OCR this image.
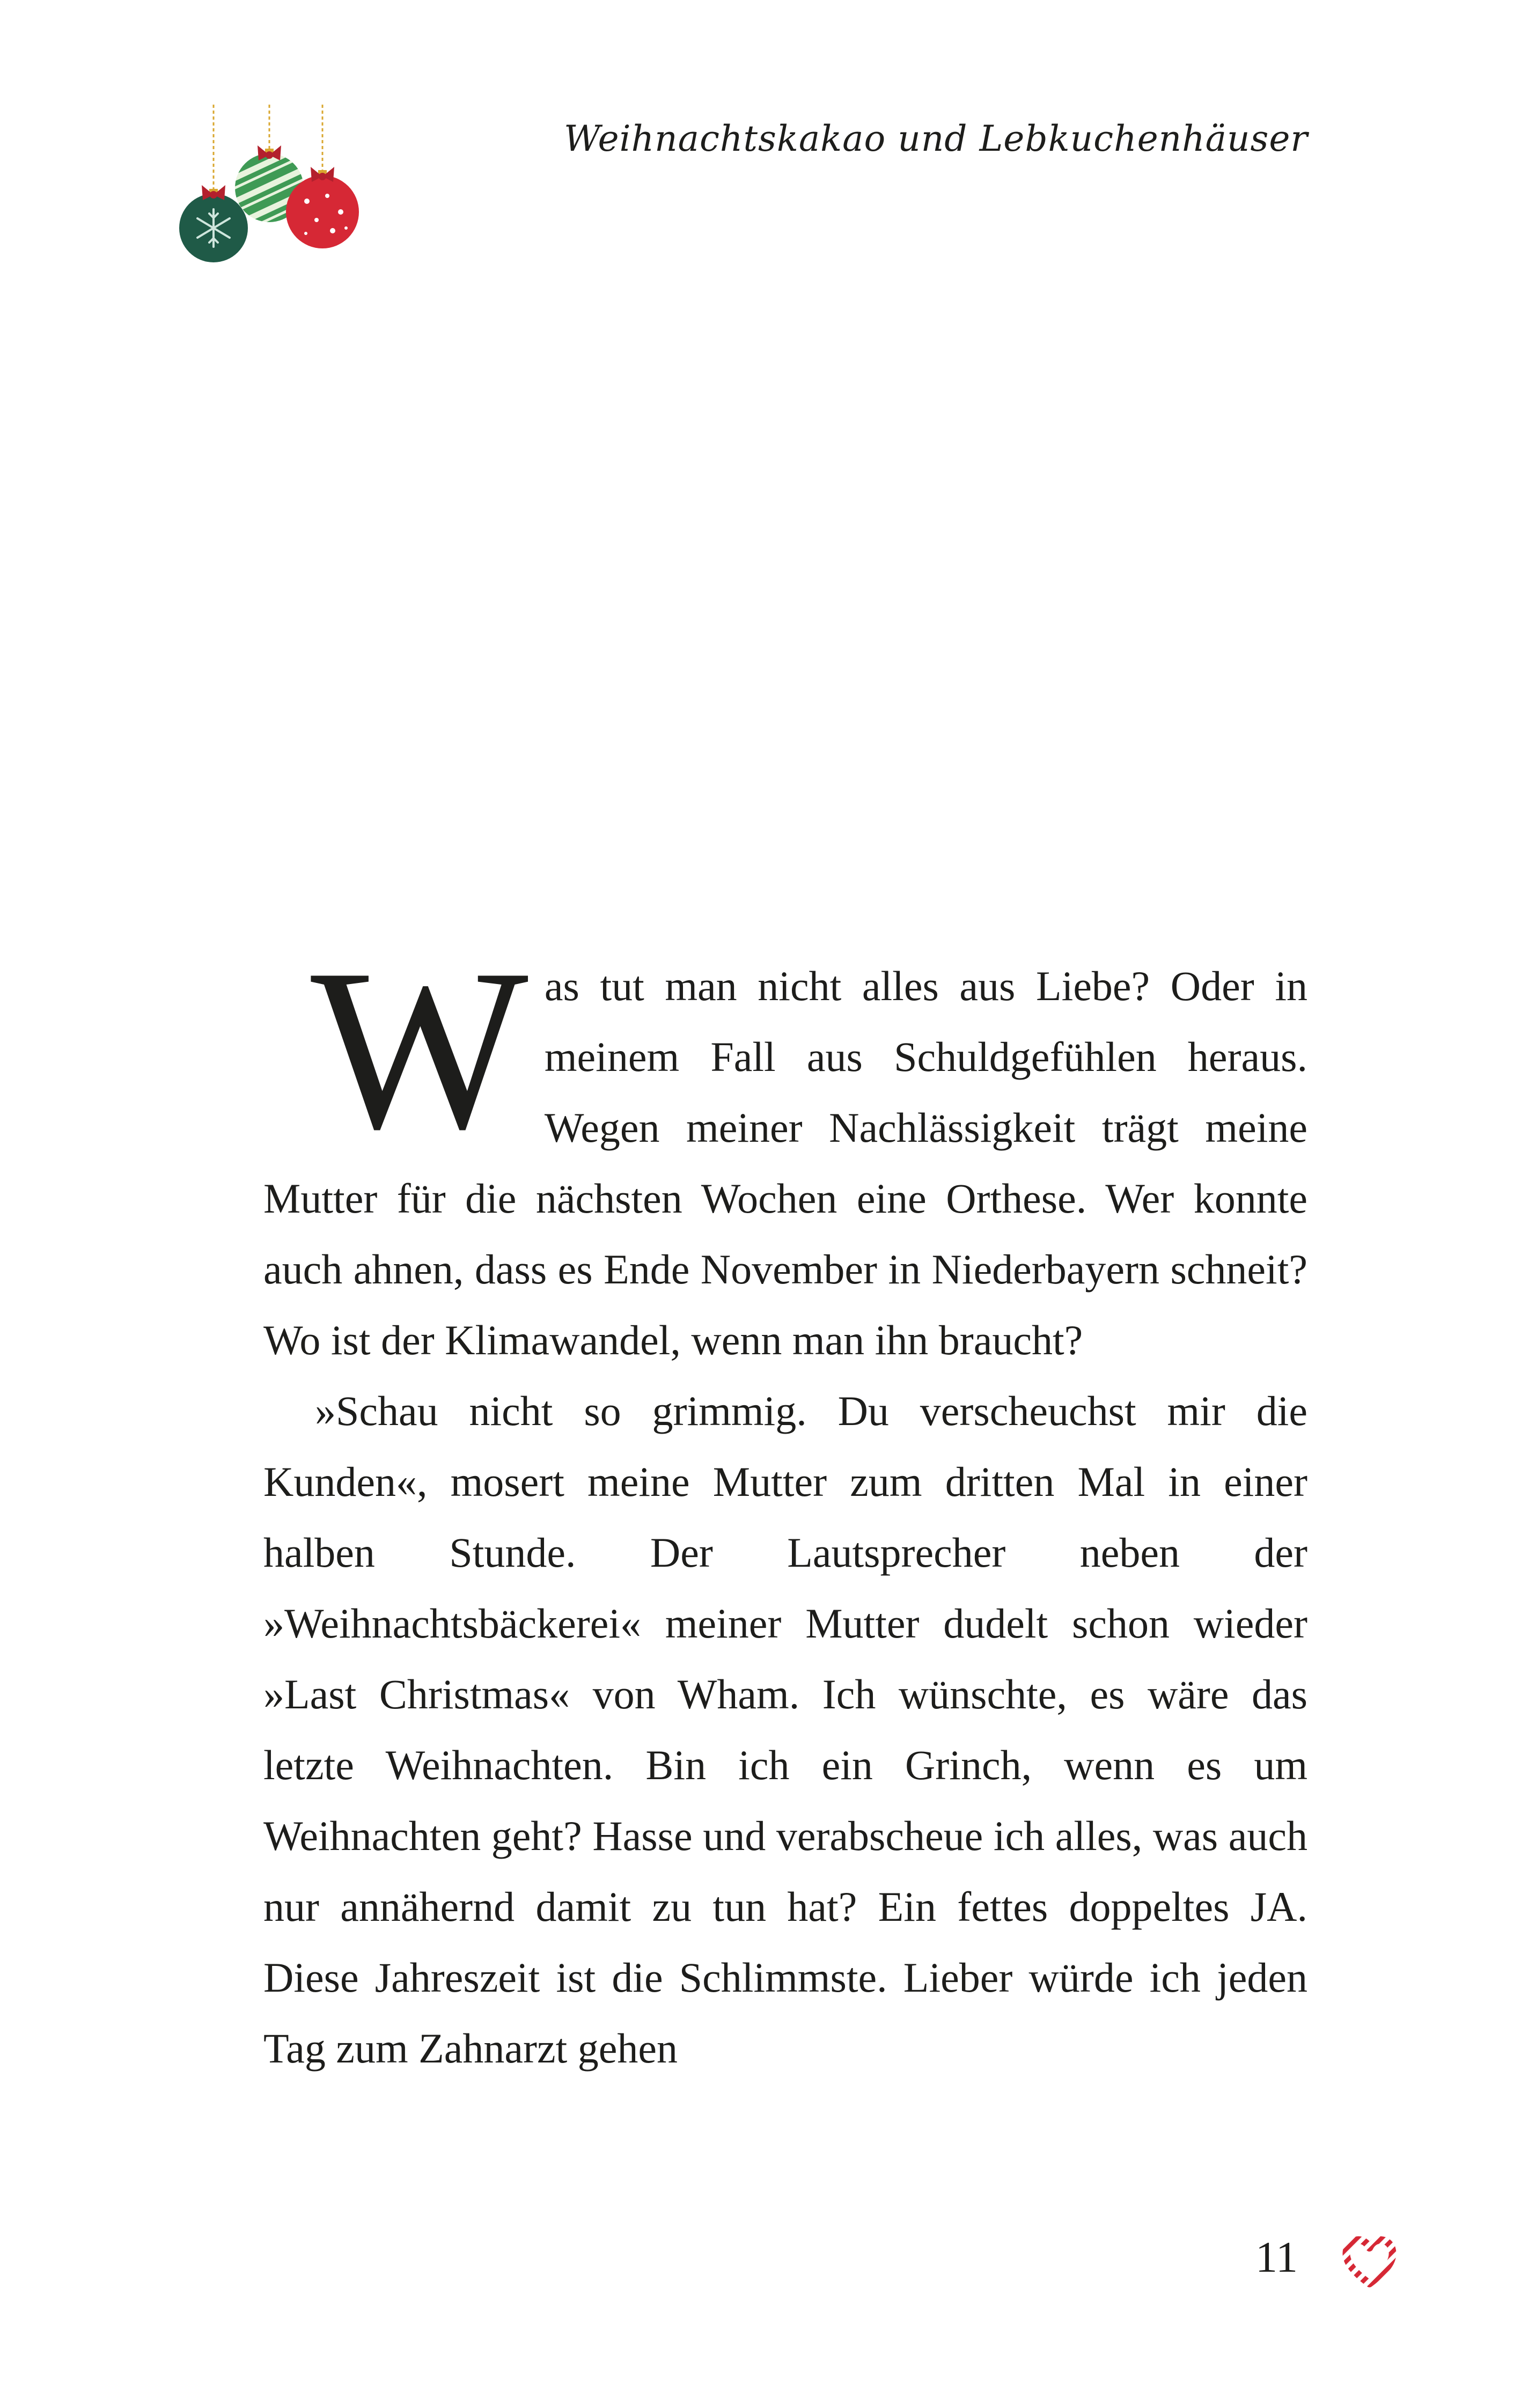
Weihnachtskakao und Lebkuchenhäuser

W as tut man nicht alles aus Liebe? Oder in meinem Fall aus Schuldgefühlen heraus. Wegen meiner Nachlässigkeit trägt meine Mutter für die nächsten Wochen eine Orthese. Wer konnte auch ahnen, dass es Ende November in Niederbayern schneit? Wo ist der Klimawandel, wenn man ihn braucht?

»Schau nicht so grimmig. Du verscheuchst mir die Kunden«, mosert meine Mutter zum dritten Mal in einer halben Stunde. Der Lautsprecher neben der »Weihnachtsbäckerei« meiner Mutter dudelt schon wieder »Last Christmas« von Wham. Ich wünschte, es wäre das letzte Weihnachten. Bin ich ein Grinch, wenn es um Weihnachten geht? Hasse und verabscheue ich alles, was auch nur annähernd damit zu tun hat? Ein fettes doppeltes JA. Diese Jahreszeit ist die Schlimmste. Lieber würde ich jeden Tag zum Zahnarzt gehen

11
